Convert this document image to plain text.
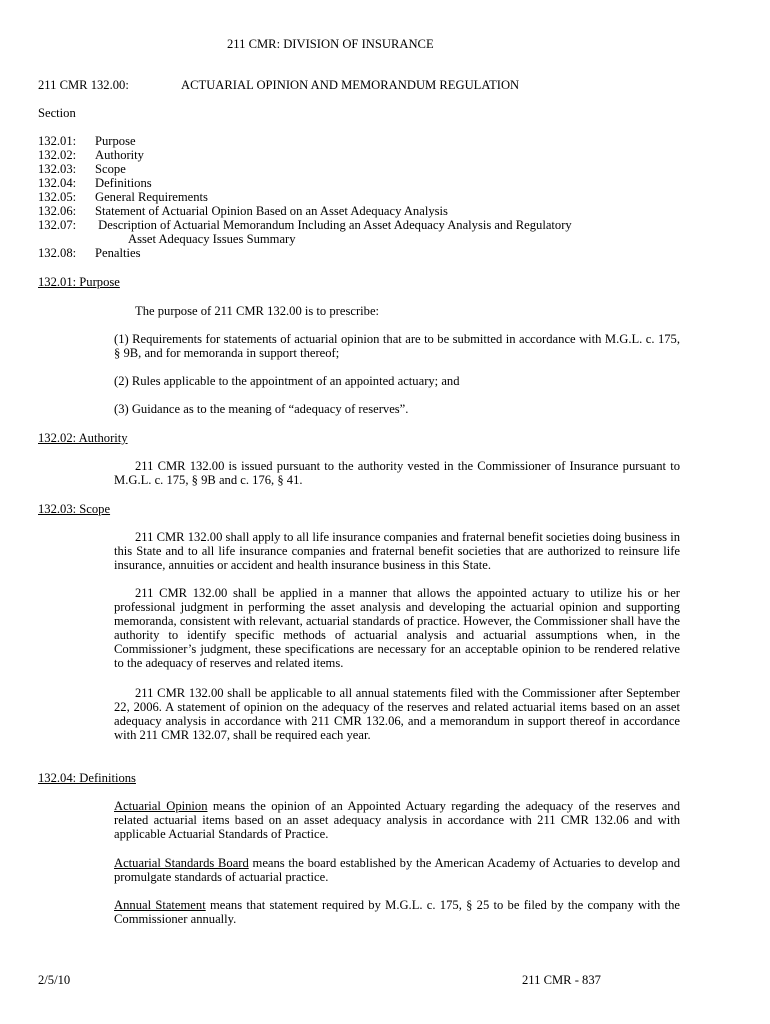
211 CMR: DIVISION OF INSURANCE
211 CMR 132.00:	ACTUARIAL OPINION AND MEMORANDUM REGULATION
Section
132.01: Purpose
132.02: Authority
132.03: Scope
132.04: Definitions
132.05: General Requirements
132.06: Statement of Actuarial Opinion Based on an Asset Adequacy Analysis
132.07: Description of Actuarial Memorandum Including an Asset Adequacy Analysis and Regulatory
Asset Adequacy Issues Summary
132.08: Penalties
132.01: Purpose
The purpose of 211 CMR 132.00 is to prescribe:
(1) Requirements for statements of actuarial opinion that are to be submitted in accordance with M.G.L. c. 175, § 9B, and for memoranda in support thereof;
(2) Rules applicable to the appointment of an appointed actuary; and
(3) Guidance as to the meaning of “adequacy of reserves”.
132.02: Authority
211 CMR 132.00 is issued pursuant to the authority vested in the Commissioner of Insurance pursuant to M.G.L. c. 175, § 9B and c. 176, § 41.
132.03: Scope
211 CMR 132.00 shall apply to all life insurance companies and fraternal benefit societies doing business in this State and to all life insurance companies and fraternal benefit societies that are authorized to reinsure life insurance, annuities or accident and health insurance business in this State.
211 CMR 132.00 shall be applied in a manner that allows the appointed actuary to utilize his or her professional judgment in performing the asset analysis and developing the actuarial opinion and supporting memoranda, consistent with relevant, actuarial standards of practice. However, the Commissioner shall have the authority to identify specific methods of actuarial analysis and actuarial assumptions when, in the Commissioner’s judgment, these specifications are necessary for an acceptable opinion to be rendered relative to the adequacy of reserves and related items.
211 CMR 132.00 shall be applicable to all annual statements filed with the Commissioner after September 22, 2006. A statement of opinion on the adequacy of the reserves and related actuarial items based on an asset adequacy analysis in accordance with 211 CMR 132.06, and a memorandum in support thereof in accordance with 211 CMR 132.07, shall be required each year.
132.04: Definitions
Actuarial Opinion means the opinion of an Appointed Actuary regarding the adequacy of the reserves and related actuarial items based on an asset adequacy analysis in accordance with 211 CMR 132.06 and with applicable Actuarial Standards of Practice.
Actuarial Standards Board means the board established by the American Academy of Actuaries to develop and promulgate standards of actuarial practice.
Annual Statement means that statement required by M.G.L. c. 175, § 25 to be filed by the company with the Commissioner annually.
2/5/10	211 CMR - 837
